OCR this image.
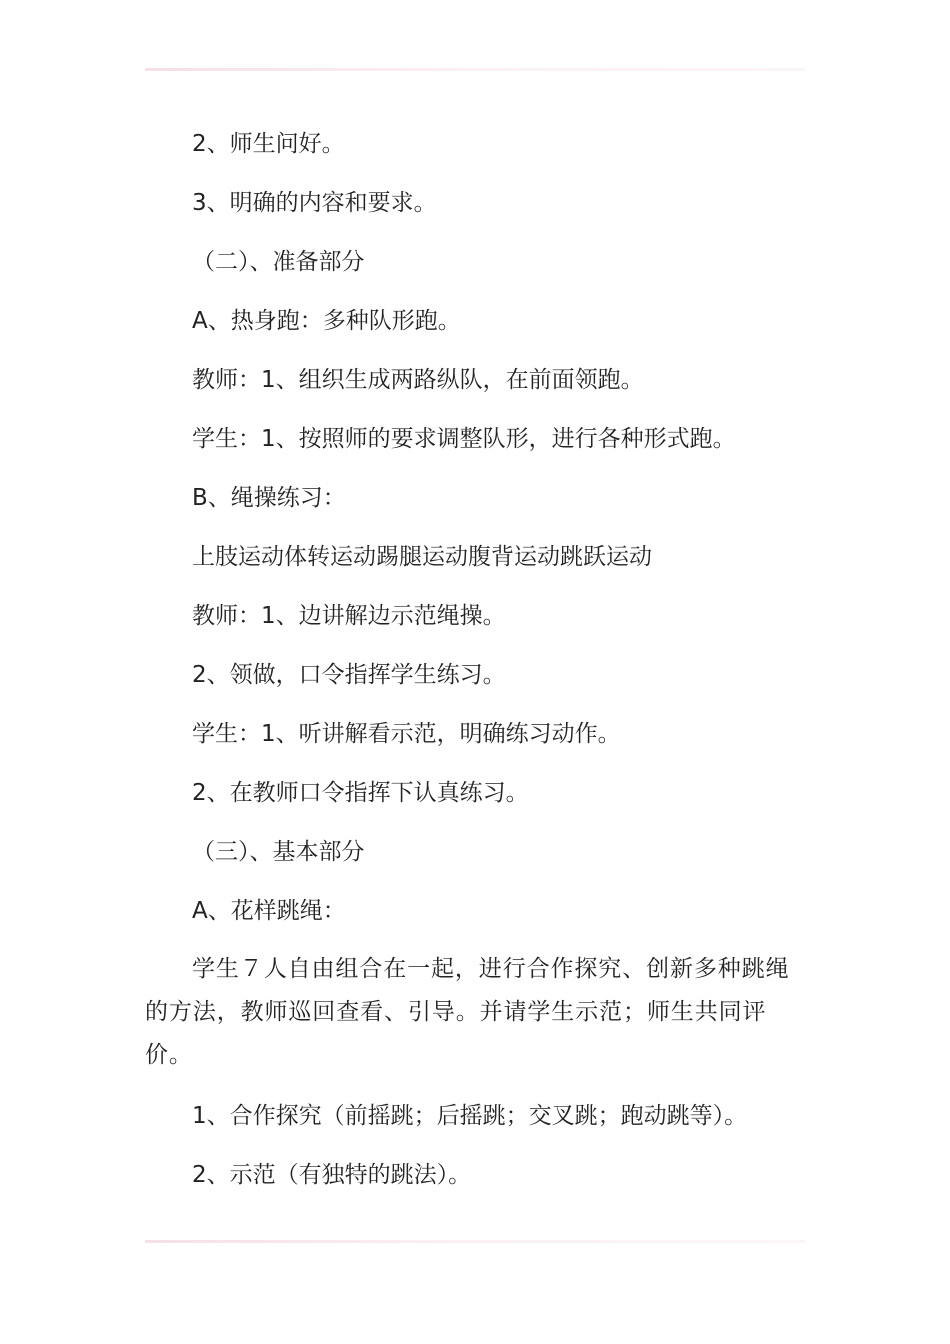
2、师生问好。
3、明确的内容和要求。
（二）、准备部分
A、热身跑：多种队形跑。
教师：1、组织生成两路纵队，在前面领跑。
学生：1、按照师的要求调整队形，进行各种形式跑。
B、绳操练习：
上肢运动体转运动踢腿运动腹背运动跳跃运动
教师：1、边讲解边示范绳操。
2、领做，口令指挥学生练习。
学生：1、听讲解看示范，明确练习动作。
2、在教师口令指挥下认真练习。
（三）、基本部分
A、花样跳绳：
学生７人自由组合在一起，进行合作探究、创新多种跳绳的方法，教师巡回查看、引导。并请学生示范；师生共同评价。
1、合作探究（前摇跳；后摇跳；交叉跳；跑动跳等）。
2、示范（有独特的跳法）。
